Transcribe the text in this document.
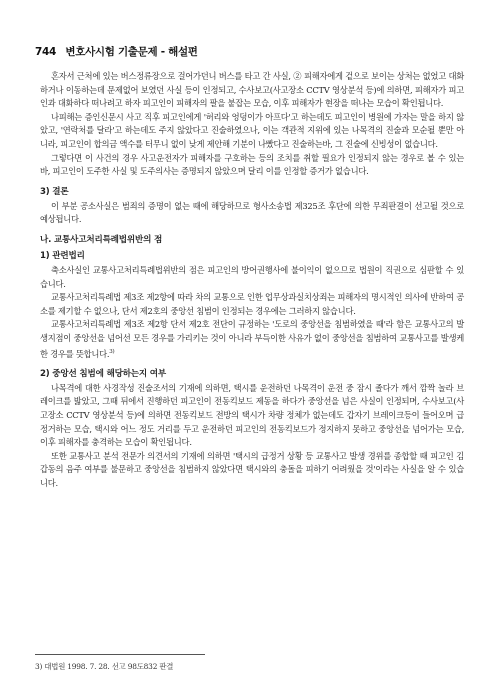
744 변호사시험 기출문제 - 해설편

혼자서 근처에 있는 버스정류장으로 걸어가던니 버스를 타고 간 사실, ② 피해자에게 겉으로 보이는 상처는 없었고 대화하거나 이동하는데 문제없어 보였던 사실 등이 인정되고, 수사보고(사고장소 CCTV 영상분석 등)에 의하면, 피해자가 피고인과 대화하다 떠나려고 하자 피고인이 피해자의 팔을 붙잡는 모습, 이후 피해자가 현장을 떠나는 모습이 확인됩니다.

나피해는 증인신문시 사고 직후 피고인에게 '허리와 엉덩이가 아프다'고 하는데도 피고인이 병원에 가자는 말을 하지 않았고, '연락처를 달라'고 하는데도 주지 않았다고 진술하였으나, 이는 객관적 지위에 있는 나목격의 진술과 모순될 뿐만 아니라, 피고인이 합의금 액수를 터무니 없이 낮게 제안해 기분이 나빴다고 진술하는바, 그 진술에 신빙성이 없습니다.

그렇다면 이 사건의 경우 사고운전자가 피해자를 구호하는 등의 조치를 취할 필요가 인정되지 않는 경우로 볼 수 있는바, 피고인이 도주한 사실 및 도주의사는 증명되지 않았으며 달리 이를 인정할 증거가 없습니다.

3) 결론

이 부분 공소사실은 범죄의 증명이 없는 때에 해당하므로 형사소송법 제325조 후단에 의한 무죄판결이 선고될 것으로 예상됩니다.

나. 교통사고처리특례법위반의 점
1) 관련법리

축소사실인 교통사고처리특례법위반의 점은 피고인의 방어권행사에 불이익이 없으므로 법원이 직권으로 심판할 수 있습니다.

교통사고처리특례법 제3조 제2항에 따라 차의 교통으로 인한 업무상과실치상죄는 피해자의 명시적인 의사에 반하여 공소를 제기할 수 없으나, 단서 제2호의 중앙선 침범이 인정되는 경우에는 그러하지 않습니다.

교통사고처리특례법 제3조 제2항 단서 제2호 전단이 규정하는 '도로의 중앙선을 침범하였을 때'라 함은 교통사고의 발생지점이 중앙선을 넘어선 모든 경우를 가리키는 것이 아니라 부득이한 사유가 없이 중앙선을 침범하여 교통사고를 발생케 한 경우를 뜻합니다.$^{3)}$

2) 중앙선 침범에 해당하는지 여부

나목격에 대한 사경작성 진술조서의 기재에 의하면, 택시를 운전하던 나목격이 운전 중 잠시 졸다가 깨서 깜짝 놀라 브레이크를 밟았고, 그때 뒤에서 진행하던 피고인이 전동킥보드 제동을 하다가 중앙선을 넘은 사실이 인정되며, 수사보고(사고장소 CCTV 영상분석 등)에 의하면 전동킥보드 전방의 택시가 차량 정체가 없는데도 갑자기 브레이크등이 들어오며 급정거하는 모습, 택시와 어느 정도 거리를 두고 운전하던 피고인의 전동킥보드가 정지하지 못하고 중앙선을 넘어가는 모습, 이후 피해자를 충격하는 모습이 확인됩니다.

또한 교통사고 분석 전문가 의견서의 기재에 의하면 '택시의 급정거 상황 등 교통사고 발생 경위를 종합할 때 피고인 김갑동의 음주 여부를 불문하고 중앙선을 침범하지 않았다면 택시와의 충돌을 피하기 어려웠을 것'이라는 사실을 알 수 있습니다.

3) 대법원 1998. 7. 28. 선고 98도832 판결
